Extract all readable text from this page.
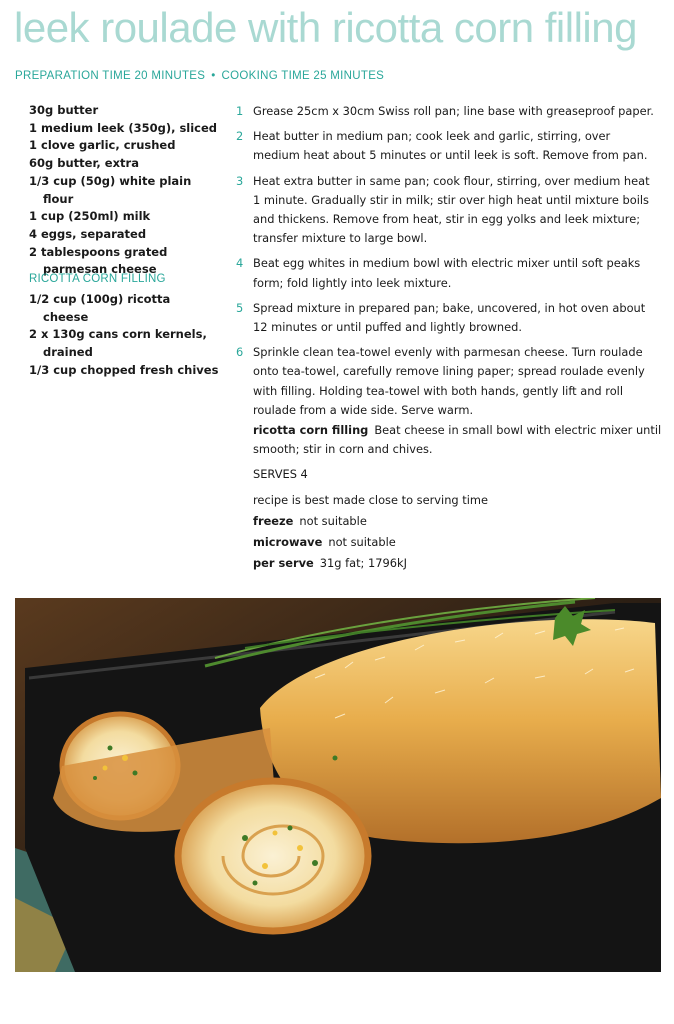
leek roulade with ricotta corn filling
PREPARATION TIME 20 MINUTES • COOKING TIME 25 MINUTES
30g butter
1 medium leek (350g), sliced
1 clove garlic, crushed
60g butter, extra
1/3 cup (50g) white plain flour
1 cup (250ml) milk
4 eggs, separated
2 tablespoons grated parmesan cheese
RICOTTA CORN FILLING
1/2 cup (100g) ricotta cheese
2 x 130g cans corn kernels, drained
1/3 cup chopped fresh chives
1 Grease 25cm x 30cm Swiss roll pan; line base with greaseproof paper.
2 Heat butter in medium pan; cook leek and garlic, stirring, over medium heat about 5 minutes or until leek is soft. Remove from pan.
3 Heat extra butter in same pan; cook flour, stirring, over medium heat 1 minute. Gradually stir in milk; stir over high heat until mixture boils and thickens. Remove from heat, stir in egg yolks and leek mixture; transfer mixture to large bowl.
4 Beat egg whites in medium bowl with electric mixer until soft peaks form; fold lightly into leek mixture.
5 Spread mixture in prepared pan; bake, uncovered, in hot oven about 12 minutes or until puffed and lightly browned.
6 Sprinkle clean tea-towel evenly with parmesan cheese. Turn roulade onto tea-towel, carefully remove lining paper; spread roulade evenly with filling. Holding tea-towel with both hands, gently lift and roll roulade from a wide side. Serve warm.

ricotta corn filling Beat cheese in small bowl with electric mixer until smooth; stir in corn and chives.

SERVES 4

recipe is best made close to serving time

freeze not suitable

microwave not suitable

per serve 31g fat; 1796kJ
